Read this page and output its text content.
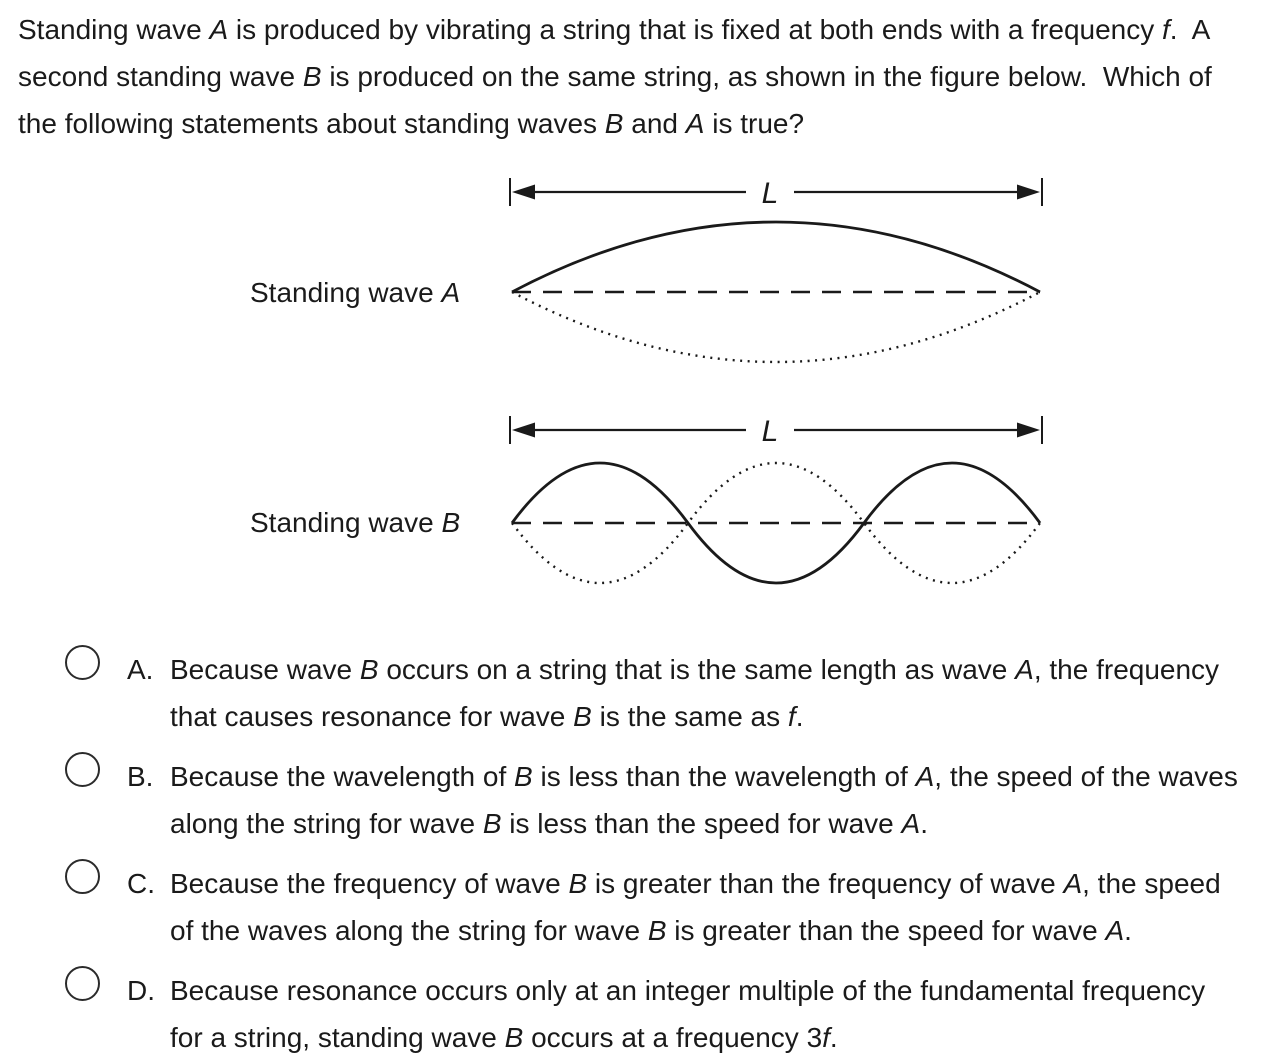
Standing wave A is produced by vibrating a string that is fixed at both ends with a frequency f.  A
second standing wave B is produced on the same string, as shown in the figure below.  Which of
the following statements about standing waves B and A is true?
Standing wave A
L
Standing wave B
L
A. Because wave B occurs on a string that is the same length as wave A, the frequency
that causes resonance for wave B is the same as f.
B. Because the wavelength of B is less than the wavelength of A, the speed of the waves
along the string for wave B is less than the speed for wave A.
C. Because the frequency of wave B is greater than the frequency of wave A, the speed
of the waves along the string for wave B is greater than the speed for wave A.
D. Because resonance occurs only at an integer multiple of the fundamental frequency
for a string, standing wave B occurs at a frequency 3f.
